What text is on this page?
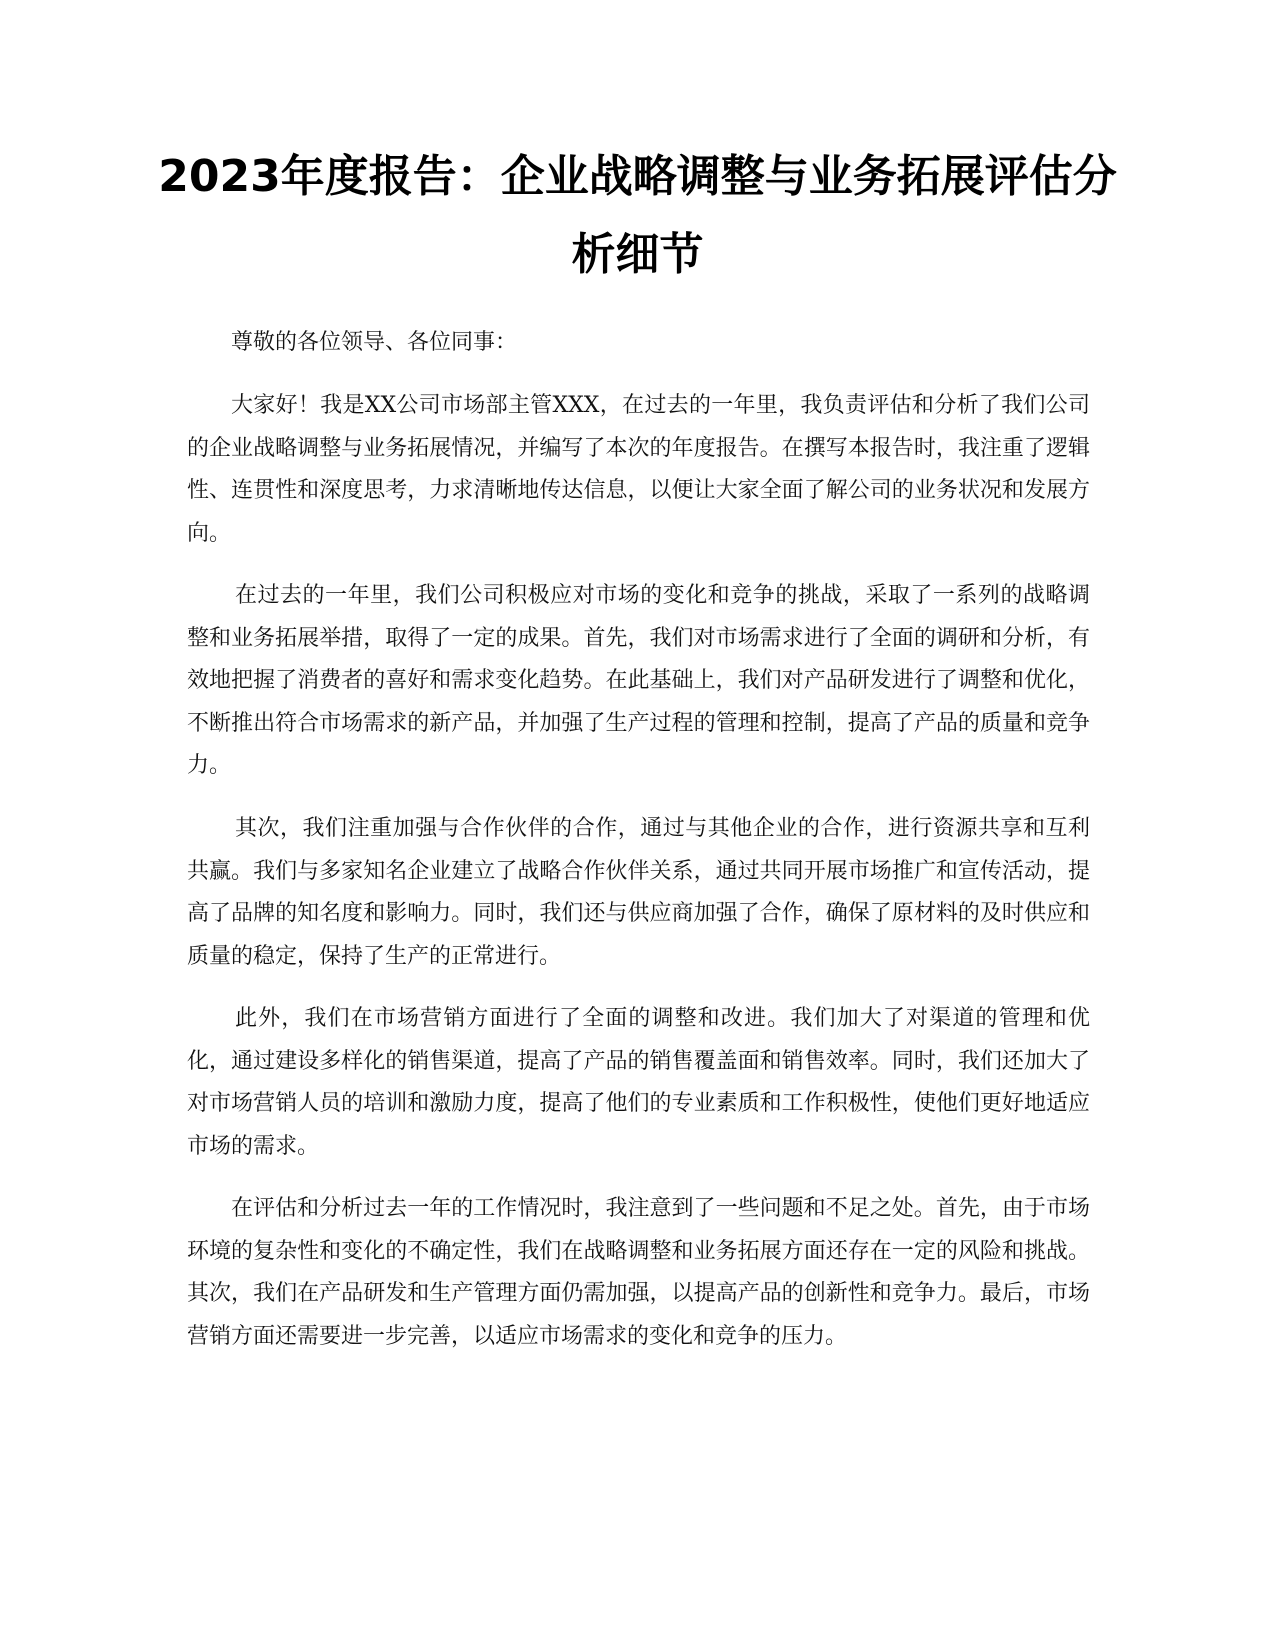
2023年度报告：企业战略调整与业务拓展评估分析细节

尊敬的各位领导、各位同事：

大家好！我是XX公司市场部主管XXX，在过去的一年里，我负责评估和分析了我们公司的企业战略调整与业务拓展情况，并编写了本次的年度报告。在撰写本报告时，我注重了逻辑性、连贯性和深度思考，力求清晰地传达信息，以便让大家全面了解公司的业务状况和发展方向。

在过去的一年里，我们公司积极应对市场的变化和竞争的挑战，采取了一系列的战略调整和业务拓展举措，取得了一定的成果。首先，我们对市场需求进行了全面的调研和分析，有效地把握了消费者的喜好和需求变化趋势。在此基础上，我们对产品研发进行了调整和优化，不断推出符合市场需求的新产品，并加强了生产过程的管理和控制，提高了产品的质量和竞争力。

其次，我们注重加强与合作伙伴的合作，通过与其他企业的合作，进行资源共享和互利共赢。我们与多家知名企业建立了战略合作伙伴关系，通过共同开展市场推广和宣传活动，提高了品牌的知名度和影响力。同时，我们还与供应商加强了合作，确保了原材料的及时供应和质量的稳定，保持了生产的正常进行。

此外，我们在市场营销方面进行了全面的调整和改进。我们加大了对渠道的管理和优化，通过建设多样化的销售渠道，提高了产品的销售覆盖面和销售效率。同时，我们还加大了对市场营销人员的培训和激励力度，提高了他们的专业素质和工作积极性，使他们更好地适应市场的需求。

在评估和分析过去一年的工作情况时，我注意到了一些问题和不足之处。首先，由于市场环境的复杂性和变化的不确定性，我们在战略调整和业务拓展方面还存在一定的风险和挑战。其次，我们在产品研发和生产管理方面仍需加强，以提高产品的创新性和竞争力。最后，市场营销方面还需要进一步完善，以适应市场需求的变化和竞争的压力。
